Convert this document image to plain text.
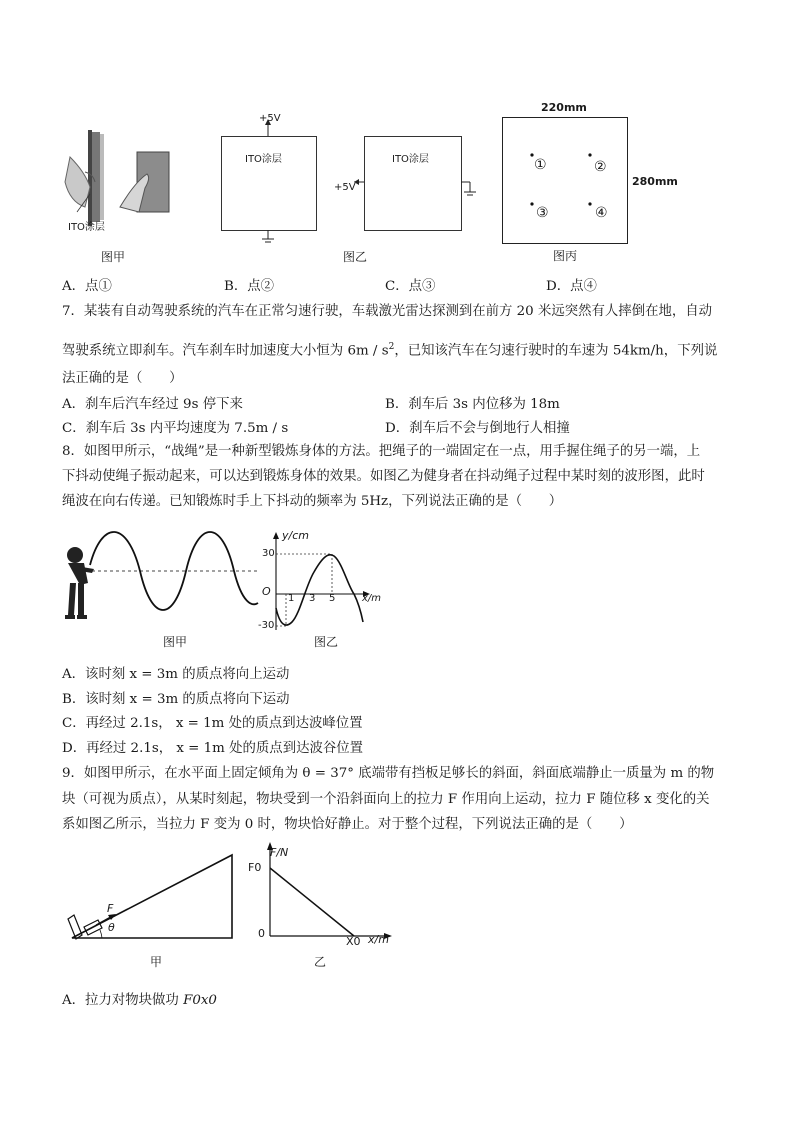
ITO涂层
图甲
+5V
ITO涂层
+5V
ITO涂层
图乙
220mm
280mm
①	②
③	④
图丙
A．点①	B．点②	C．点③	D．点④
7．某装有自动驾驶系统的汽车在正常匀速行驶，车载激光雷达探测到在前方 20 米远突然有人摔倒在地，自动
驾驶系统立即刹车。汽车刹车时加速度大小恒为 $6m / s^2$，已知该汽车在匀速行驶时的车速为 54km/h，下列说
法正确的是（　　）
A．刹车后汽车经过 9s 停下来	B．刹车后 3s 内位移为 18m
C．刹车后 3s 内平均速度为 7.5m / s	D．刹车后不会与倒地行人相撞
8．如图甲所示，“战绳”是一种新型锻炼身体的方法。把绳子的一端固定在一点，用手握住绳子的另一端，上
下抖动使绳子振动起来，可以达到锻炼身体的效果。如图乙为健身者在抖动绳子过程中某时刻的波形图，此时
绳波在向右传递。已知锻炼时手上下抖动的频率为 5Hz，下列说法正确的是（　　）
图甲
y/cm
30
-30
O
1 3 5	x/m
图乙
A．该时刻 x = 3m 的质点将向上运动
B．该时刻 x = 3m 的质点将向下运动
C．再经过 2.1s， x = 1m 处的质点到达波峰位置
D．再经过 2.1s， x = 1m 处的质点到达波谷位置
9．如图甲所示，在水平面上固定倾角为 θ = 37° 底端带有挡板足够长的斜面，斜面底端静止一质量为 m 的物
块（可视为质点），从某时刻起，物块受到一个沿斜面向上的拉力 F 作用向上运动，拉力 F 随位移 x 变化的关
系如图乙所示，当拉力 F 变为 0 时，物块恰好静止。对于整个过程，下列说法正确的是（　　）
F
θ
甲
F/N
F0
0
X0 x/m
乙
A．拉力对物块做功 F0x0
